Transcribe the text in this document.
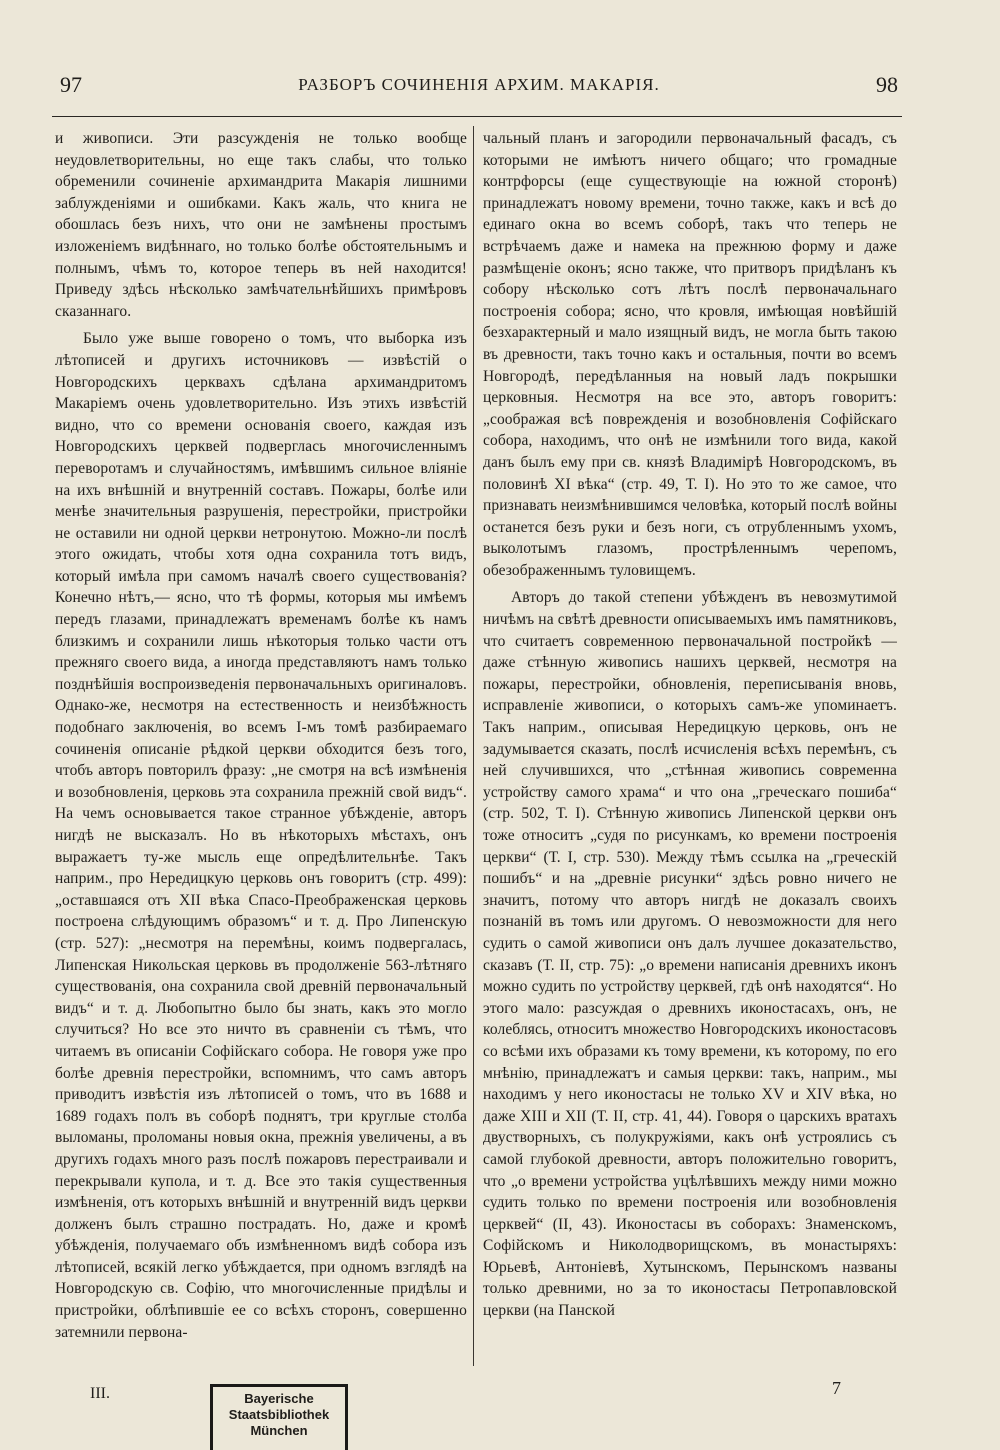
97	РАЗБОРЪ СОЧИНЕНІЯ АРХИМ. МАКАРІЯ.	98

и живописи. Эти разсужденія не только вообще неудовлетворительны, но еще такъ слабы, что только обременили сочиненіе архимандрита Макарія лишними заблужденіями и ошибками. Какъ жаль, что книга не обошлась безъ нихъ, что они не замѣнены простымъ изложеніемъ видѣннаго, но только болѣе обстоятельнымъ и полнымъ, чѣмъ то, которое теперь въ ней находится! Приведу здѣсь нѣсколько замѣчательнѣйшихъ примѣровъ сказаннаго.

Было уже выше говорено о томъ, что выборка изъ лѣтописей и другихъ источниковъ — извѣстій о Новгородскихъ церквахъ сдѣлана архимандритомъ Макаріемъ очень удовлетворительно. Изъ этихъ извѣстій видно, что со времени основанія своего, каждая изъ Новгородскихъ церквей подверглась многочисленнымъ переворотамъ и случайностямъ, имѣвшимъ сильное вліяніе на ихъ внѣшній и внутренній составъ. Пожары, болѣе или менѣе значительныя разрушенія, перестройки, пристройки не оставили ни одной церкви нетронутою. Можно-ли послѣ этого ожидать, чтобы хотя одна сохранила тотъ видъ, который имѣла при самомъ началѣ своего существованія? Конечно нѣтъ,— ясно, что тѣ формы, которыя мы имѣемъ передъ глазами, принадлежатъ временамъ болѣе къ намъ близкимъ и сохранили лишь нѣкоторыя только части отъ прежняго своего вида, а иногда представляютъ намъ только позднѣйшія воспроизведенія первоначальныхъ оригиналовъ. Однако-же, несмотря на естественность и неизбѣжность подобнаго заключенія, во всемъ I-мъ томѣ разбираемаго сочиненія описаніе рѣдкой церкви обходится безъ того, чтобъ авторъ повторилъ фразу: „не смотря на всѣ измѣненія и возобновленія, церковь эта сохранила прежній свой видъ“. На чемъ основывается такое странное убѣжденіе, авторъ нигдѣ не высказалъ. Но въ нѣкоторыхъ мѣстахъ, онъ выражаетъ ту-же мысль еще опредѣлительнѣе. Такъ наприм., про Нередицкую церковь онъ говоритъ (стр. 499): „оставшаяся отъ XII вѣка Спасо-Преображенская церковь построена слѣдующимъ образомъ“ и т. д. Про Липенскую (стр. 527): „несмотря на перемѣны, коимъ подвергалась, Липенская Никольская церковь въ продолженіе 563-лѣтняго существованія, она сохранила свой древній первоначальный видъ“ и т. д. Любопытно было бы знать, какъ это могло случиться? Но все это ничто въ сравненіи съ тѣмъ, что читаемъ въ описаніи Софійскаго собора. Не говоря уже про болѣе древнія перестройки, вспомнимъ, что самъ авторъ приводитъ извѣстія изъ лѣтописей о томъ, что въ 1688 и 1689 годахъ полъ въ соборѣ поднятъ, три круглые столба выломаны, проломаны новыя окна, прежнія увеличены, а въ другихъ годахъ много разъ послѣ пожаровъ перестраивали и перекрывали купола, и т. д. Все это такія существенныя измѣненія, отъ которыхъ внѣшній и внутренній видъ церкви долженъ былъ страшно пострадать. Но, даже и кромѣ убѣжденія, получаемаго объ измѣненномъ видѣ собора изъ лѣтописей, всякій легко убѣждается, при одномъ взглядѣ на Новгородскую св. Софію, что многочисленные придѣлы и пристройки, облѣпившіе ее со всѣхъ сторонъ, совершенно затемнили первона-

чальный планъ и загородили первоначальный фасадъ, съ которыми не имѣютъ ничего общаго; что громадные контрфорсы (еще существующіе на южной сторонѣ) принадлежатъ новому времени, точно также, какъ и всѣ до единаго окна во всемъ соборѣ, такъ что теперь не встрѣчаемъ даже и намека на прежнюю форму и даже размѣщеніе оконъ; ясно также, что притворъ придѣланъ къ собору нѣсколько сотъ лѣтъ послѣ первоначальнаго построенія собора; ясно, что кровля, имѣющая новѣйшій безхарактерный и мало изящный видъ, не могла быть такою въ древности, такъ точно какъ и остальныя, почти во всемъ Новгородѣ, передѣланныя на новый ладъ покрышки церковныя. Несмотря на все это, авторъ говоритъ: „соображая всѣ поврежденія и возобновленія Софійскаго собора, находимъ, что онѣ не измѣнили того вида, какой данъ былъ ему при св. князѣ Владимірѣ Новгородскомъ, въ половинѣ XI вѣка“ (стр. 49, Т. I). Но это то же самое, что признавать неизмѣнившимся человѣка, который послѣ войны останется безъ руки и безъ ноги, съ отрубленнымъ ухомъ, выколотымъ глазомъ, прострѣленнымъ черепомъ, обезображеннымъ туловищемъ.

Авторъ до такой степени убѣжденъ въ невозмутимой ничѣмъ на свѣтѣ древности описываемыхъ имъ памятниковъ, что считаетъ современною первоначальной постройкѣ — даже стѣнную живопись нашихъ церквей, несмотря на пожары, перестройки, обновленія, переписыванія вновь, исправленіе живописи, о которыхъ самъ-же упоминаетъ. Такъ наприм., описывая Нередицкую церковь, онъ не задумывается сказать, послѣ исчисленія всѣхъ перемѣнъ, съ ней случившихся, что „стѣнная живопись современна устройству самого храма“ и что она „греческаго пошиба“ (стр. 502, Т. I). Стѣнную живопись Липенской церкви онъ тоже относитъ „судя по рисункамъ, ко времени построенія церкви“ (Т. I, стр. 530). Между тѣмъ ссылка на „греческій пошибъ“ и на „древніе рисунки“ здѣсь ровно ничего не значитъ, потому что авторъ нигдѣ не доказалъ своихъ познаній въ томъ или другомъ. О невозможности для него судить о самой живописи онъ далъ лучшее доказательство, сказавъ (Т. II, стр. 75): „о времени написанія древнихъ иконъ можно судить по устройству церквей, гдѣ онѣ находятся“. Но этого мало: разсуждая о древнихъ иконостасахъ, онъ, не колеблясь, относитъ множество Новгородскихъ иконостасовъ со всѣми ихъ образами къ тому времени, къ которому, по его мнѣнію, принадлежатъ и самыя церкви: такъ, наприм., мы находимъ у него иконостасы не только XV и XIV вѣка, но даже XIII и XII (Т. II, стр. 41, 44). Говоря о царскихъ вратахъ двустворныхъ, съ полукружіями, какъ онѣ устроялись съ самой глубокой древности, авторъ положительно говоритъ, что „о времени устройства уцѣлѣвшихъ между ними можно судить только по времени построенія или возобновленія церквей“ (II, 43). Иконостасы въ соборахъ: Знаменскомъ, Софійскомъ и Николодворищскомъ, въ монастыряхъ: Юрьевѣ, Антоніевѣ, Хутынскомъ, Перынскомъ названы только древними, но за то иконостасы Петропавловской церкви (на Панской

III.	7
Bayerische
Staatsbibliothek
München
